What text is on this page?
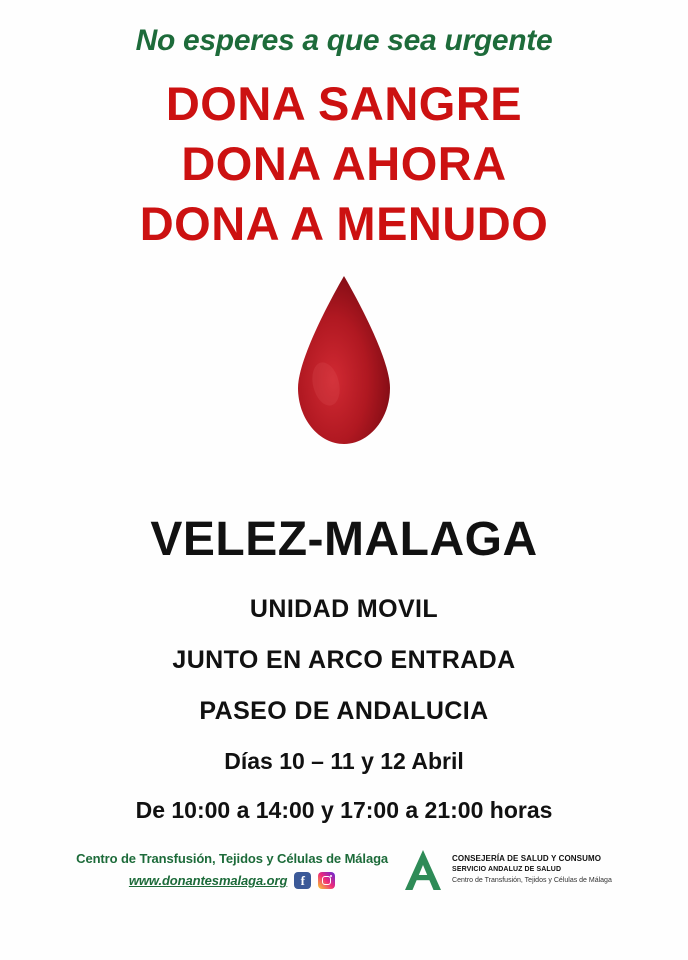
No esperes a que sea urgente
DONA SANGRE
DONA AHORA
DONA A MENUDO
VELEZ-MALAGA
UNIDAD MOVIL
JUNTO EN ARCO ENTRADA
PASEO DE ANDALUCIA
Días 10 – 11 y 12 Abril
De 10:00 a 14:00 y 17:00 a 21:00 horas
Centro de Transfusión, Tejidos y Células de Málaga
www.donantesmalaga.org	f
CONSEJERÍA DE SALUD Y CONSUMO
SERVICIO ANDALUZ DE SALUD
Centro de Transfusión, Tejidos y Células de Málaga
